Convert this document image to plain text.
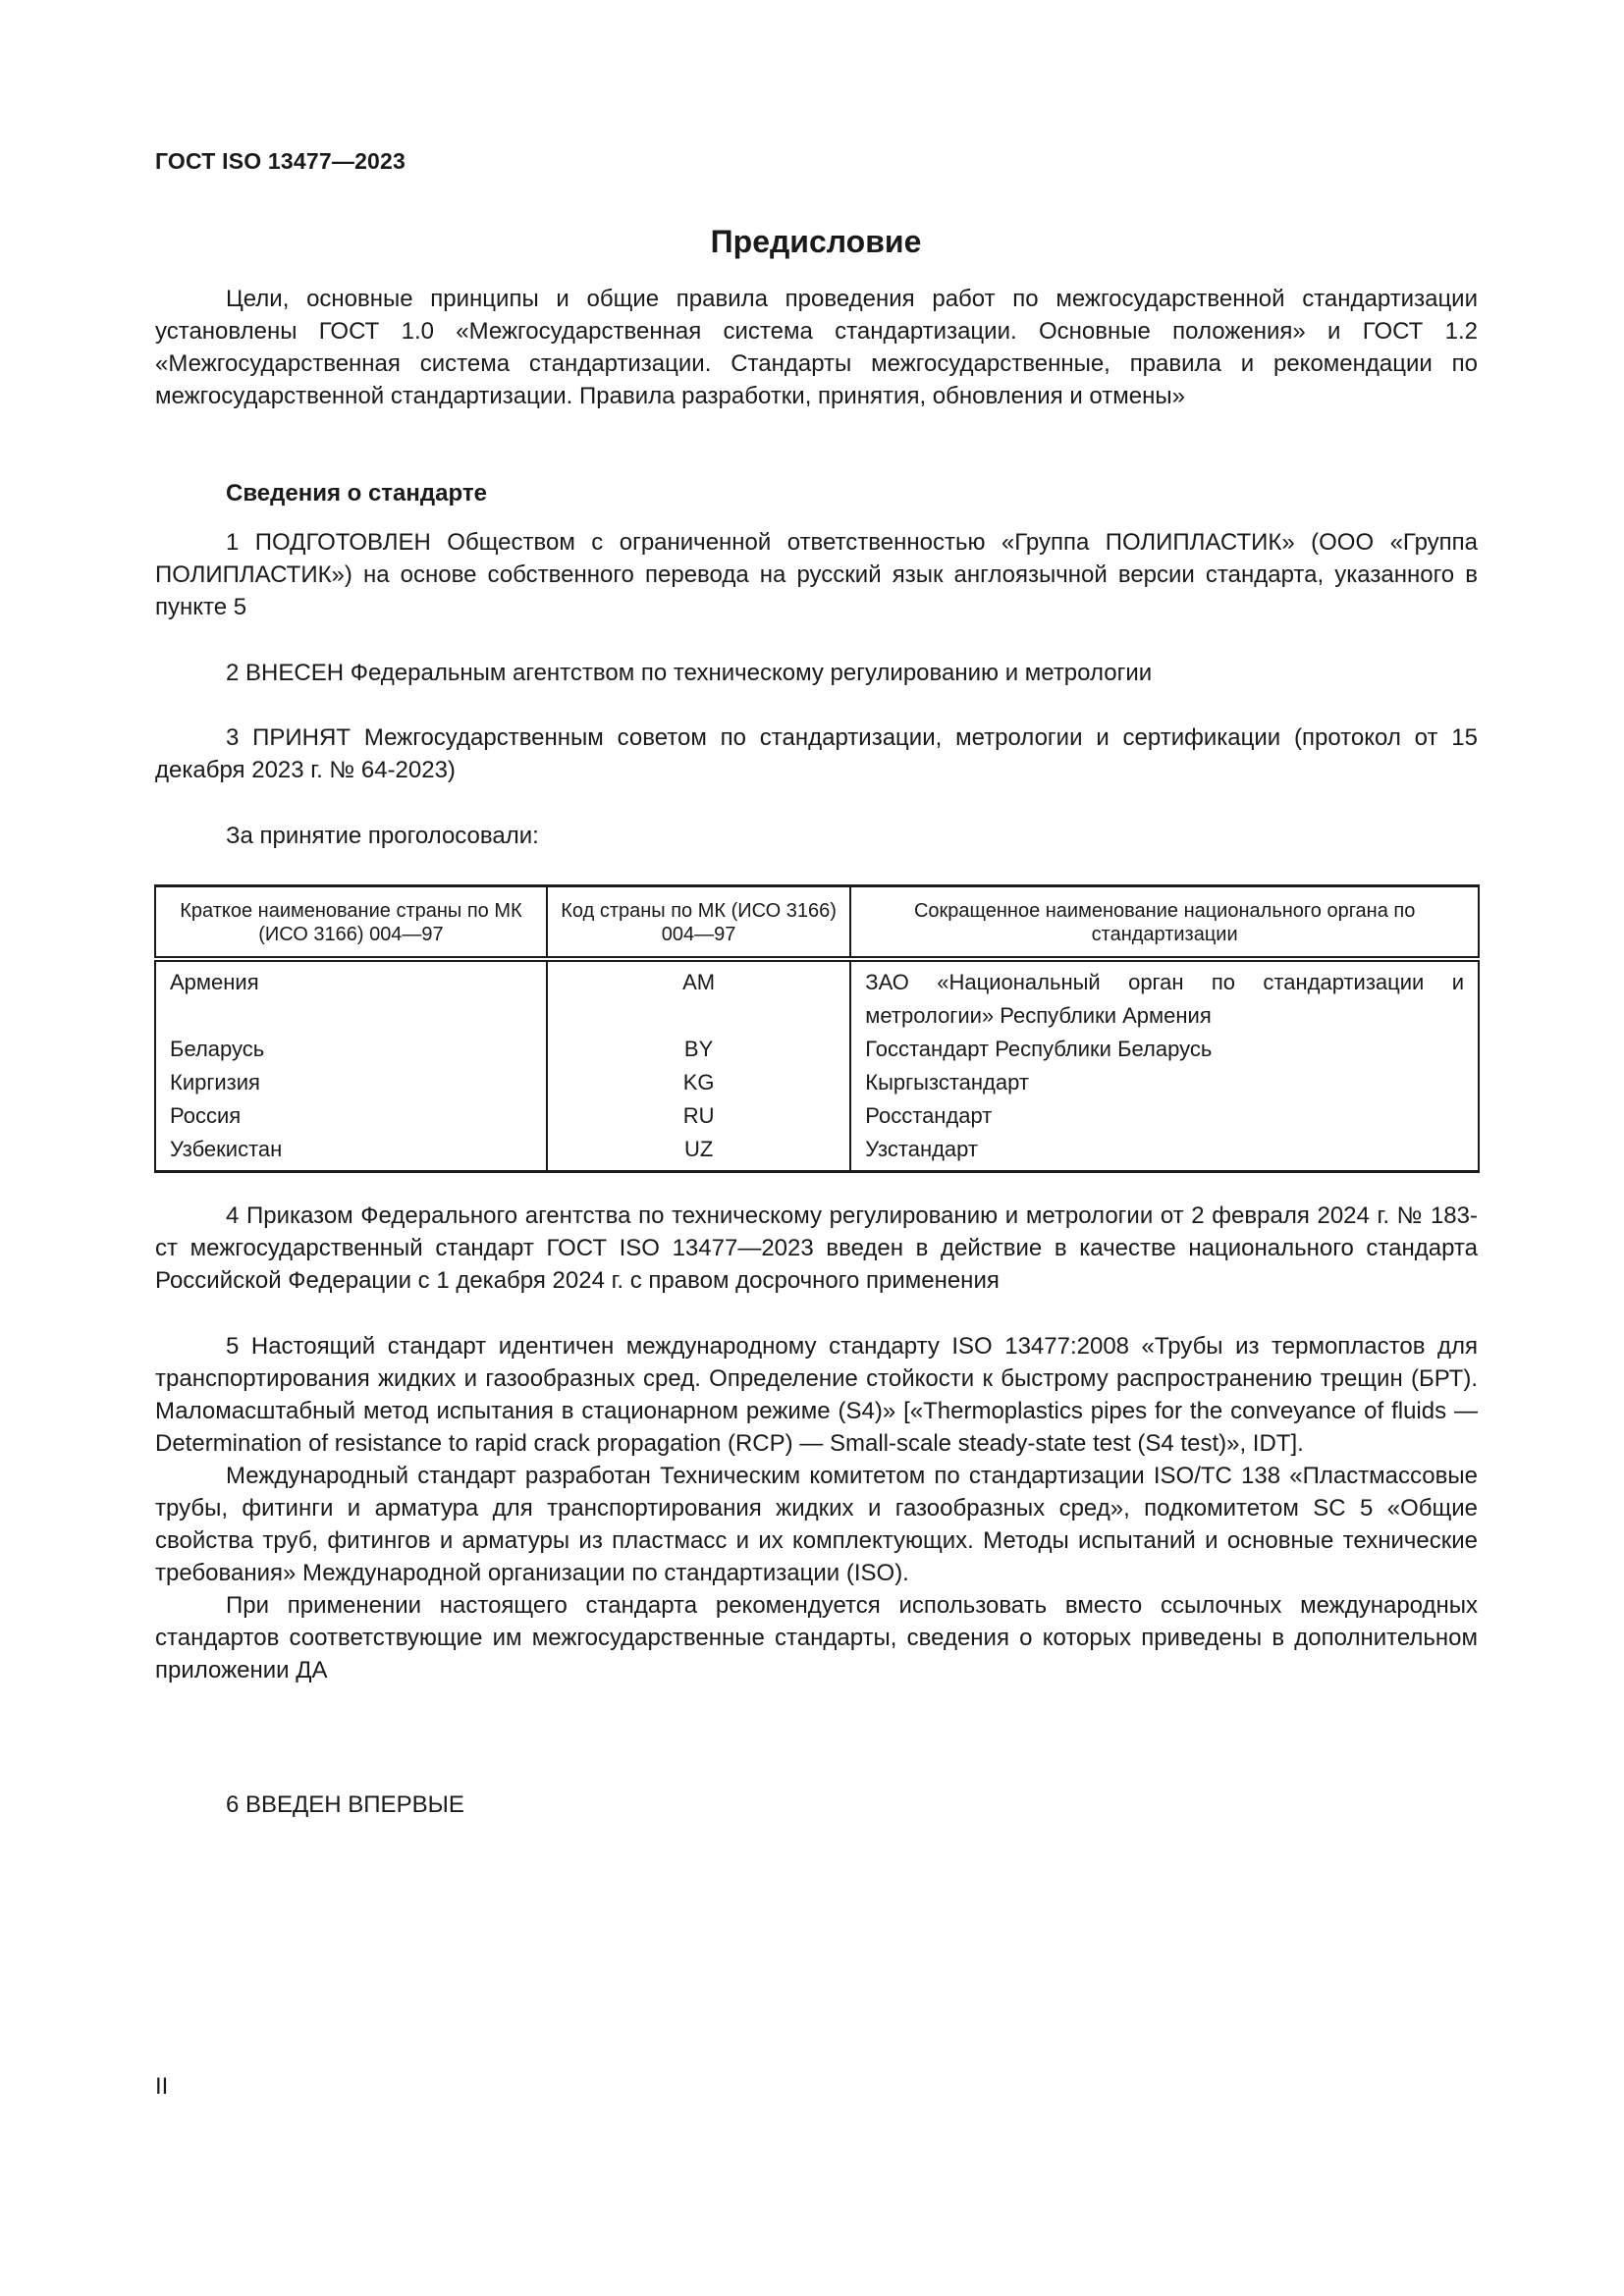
ГОСТ ISO 13477—2023
Предисловие

Цели, основные принципы и общие правила проведения работ по межгосударственной стандартизации установлены ГОСТ 1.0 «Межгосударственная система стандартизации. Основные положения» и ГОСТ 1.2 «Межгосударственная система стандартизации. Стандарты межгосударственные, правила и рекомендации по межгосударственной стандартизации. Правила разработки, принятия, обновления и отмены»

Сведения о стандарте

1 ПОДГОТОВЛЕН Обществом с ограниченной ответственностью «Группа ПОЛИПЛАСТИК» (ООО «Группа ПОЛИПЛАСТИК») на основе собственного перевода на русский язык англоязычной версии стандарта, указанного в пункте 5

2 ВНЕСЕН Федеральным агентством по техническому регулированию и метрологии

3 ПРИНЯТ Межгосударственным советом по стандартизации, метрологии и сертификации (протокол от 15 декабря 2023 г. № 64-2023)

За принятие проголосовали:

Краткое наименование страны по МК (ИСО 3166) 004—97	Код страны по МК (ИСО 3166) 004—97	Сокращенное наименование национального органа по стандартизации
Армения	AM	ЗАО «Национальный орган по стандартизации и метрологии» Республики Армения
Беларусь	BY	Госстандарт Республики Беларусь
Киргизия	KG	Кыргызстандарт
Россия	RU	Росстандарт
Узбекистан	UZ	Узстандарт

4 Приказом Федерального агентства по техническому регулированию и метрологии от 2 февраля 2024 г. № 183-ст межгосударственный стандарт ГОСТ ISO 13477—2023 введен в действие в качестве национального стандарта Российской Федерации с 1 декабря 2024 г. с правом досрочного применения

5 Настоящий стандарт идентичен международному стандарту ISO 13477:2008 «Трубы из термопластов для транспортирования жидких и газообразных сред. Определение стойкости к быстрому распространению трещин (БРТ). Маломасштабный метод испытания в стационарном режиме (S4)» [«Thermoplastics pipes for the conveyance of fluids — Determination of resistance to rapid crack propagation (RCP) — Small-scale steady-state test (S4 test)», IDT].

Международный стандарт разработан Техническим комитетом по стандартизации ISO/TC 138 «Пластмассовые трубы, фитинги и арматура для транспортирования жидких и газообразных сред», подкомитетом SC 5 «Общие свойства труб, фитингов и арматуры из пластмасс и их комплектующих. Методы испытаний и основные технические требования» Международной организации по стандартизации (ISO).

При применении настоящего стандарта рекомендуется использовать вместо ссылочных международных стандартов соответствующие им межгосударственные стандарты, сведения о которых приведены в дополнительном приложении ДА

6 ВВЕДЕН ВПЕРВЫЕ

II
